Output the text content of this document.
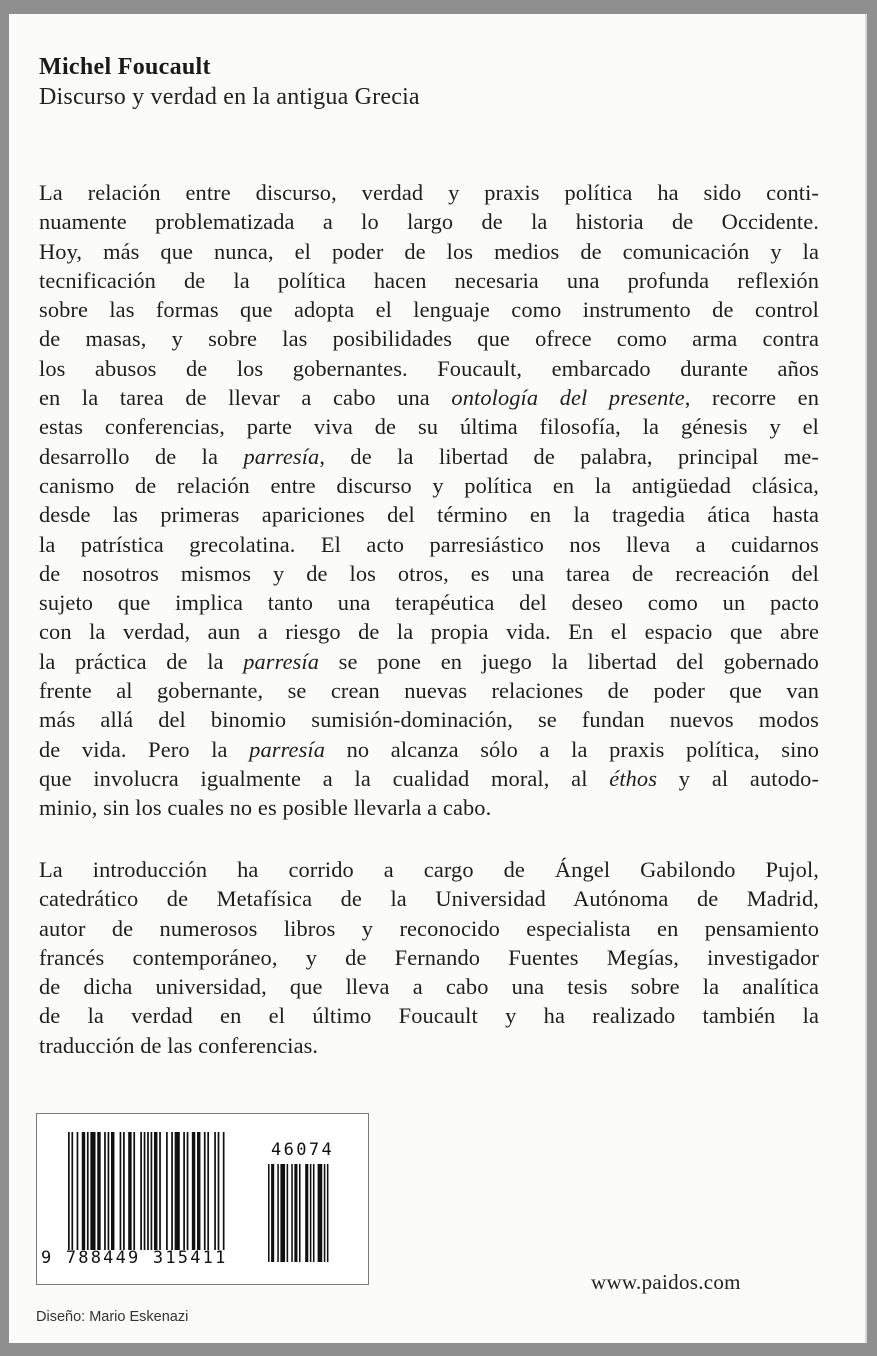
Michel Foucault
Discurso y verdad en la antigua Grecia
La relación entre discurso, verdad y praxis política ha sido conti-
nuamente problematizada a lo largo de la historia de Occidente.
Hoy, más que nunca, el poder de los medios de comunicación y la
tecnificación de la política hacen necesaria una profunda reflexión
sobre las formas que adopta el lenguaje como instrumento de control
de masas, y sobre las posibilidades que ofrece como arma contra
los abusos de los gobernantes. Foucault, embarcado durante años
en la tarea de llevar a cabo una ontología del presente, recorre en
estas conferencias, parte viva de su última filosofía, la génesis y el
desarrollo de la parresía, de la libertad de palabra, principal me-
canismo de relación entre discurso y política en la antigüedad clásica,
desde las primeras apariciones del término en la tragedia ática hasta
la patrística grecolatina. El acto parresiástico nos lleva a cuidarnos
de nosotros mismos y de los otros, es una tarea de recreación del
sujeto que implica tanto una terapéutica del deseo como un pacto
con la verdad, aun a riesgo de la propia vida. En el espacio que abre
la práctica de la parresía se pone en juego la libertad del gobernado
frente al gobernante, se crean nuevas relaciones de poder que van
más allá del binomio sumisión-dominación, se fundan nuevos modos
de vida. Pero la parresía no alcanza sólo a la praxis política, sino
que involucra igualmente a la cualidad moral, al éthos y al autodo-
minio, sin los cuales no es posible llevarla a cabo.
La introducción ha corrido a cargo de Ángel Gabilondo Pujol,
catedrático de Metafísica de la Universidad Autónoma de Madrid,
autor de numerosos libros y reconocido especialista en pensamiento
francés contemporáneo, y de Fernando Fuentes Megías, investigador
de dicha universidad, que lleva a cabo una tesis sobre la analítica
de la verdad en el último Foucault y ha realizado también la
traducción de las conferencias.
46074
9 788449 315411
www.paidos.com
Diseño: Mario Eskenazi
